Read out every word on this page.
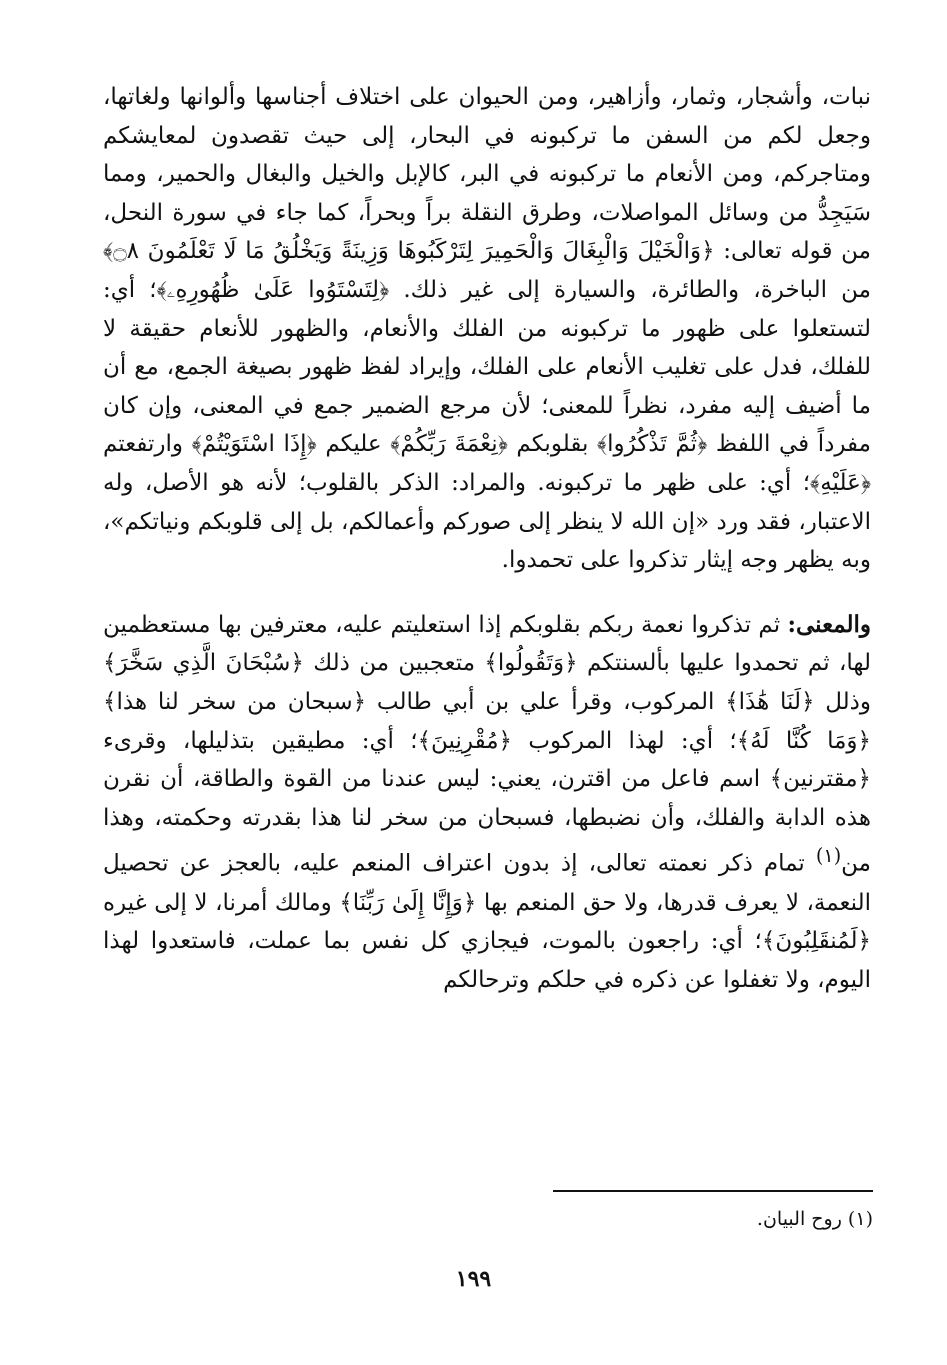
نبات، وأشجار، وثمار، وأزاهير، ومن الحيوان على اختلاف أجناسها وألوانها ولغاتها، وجعل لكم من السفن ما تركبونه في البحار، إلى حيث تقصدون لمعايشكم ومتاجركم، ومن الأنعام ما تركبونه في البر، كالإبل والخيل والبغال والحمير، ومما سَيَجِدُّ من وسائل المواصلات، وطرق النقلة براً وبحراً، كما جاء في سورة النحل، من قوله تعالى: ﴿وَالْخَيْلَ وَالْبِغَالَ وَالْحَمِيرَ لِتَرْكَبُوهَا وَزِينَةً وَيَخْلُقُ مَا لَا تَعْلَمُونَ ۝٨﴾ من الباخرة، والطائرة، والسيارة إلى غير ذلك. ﴿لِتَسْتَوُوا عَلَىٰ ظُهُورِهِۦ﴾؛ أي: لتستعلوا على ظهور ما تركبونه من الفلك والأنعام، والظهور للأنعام حقيقة لا للفلك، فدل على تغليب الأنعام على الفلك، وإيراد لفظ ظهور بصيغة الجمع، مع أن ما أضيف إليه مفرد، نظراً للمعنى؛ لأن مرجع الضمير جمع في المعنى، وإن كان مفرداً في اللفظ ﴿ثُمَّ تَذْكُرُوا﴾ بقلوبكم ﴿نِعْمَةَ رَبِّكُمْ﴾ عليكم ﴿إِذَا اسْتَوَيْتُمْ﴾ وارتفعتم ﴿عَلَيْهِ﴾؛ أي: على ظهر ما تركبونه. والمراد: الذكر بالقلوب؛ لأنه هو الأصل، وله الاعتبار، فقد ورد «إن الله لا ينظر إلى صوركم وأعمالكم، بل إلى قلوبكم ونياتكم»، وبه يظهر وجه إيثار تذكروا على تحمدوا.

والمعنى: ثم تذكروا نعمة ربكم بقلوبكم إذا استعليتم عليه، معترفين بها مستعظمين لها، ثم تحمدوا عليها بألسنتكم ﴿وَتَقُولُوا﴾ متعجبين من ذلك ﴿سُبْحَانَ الَّذِي سَخَّرَ﴾ وذلل ﴿لَنَا هَٰذَا﴾ المركوب، وقرأ علي بن أبي طالب ﴿سبحان من سخر لنا هذا﴾ ﴿وَمَا كُنَّا لَهُ﴾؛ أي: لهذا المركوب ﴿مُقْرِنِينَ﴾؛ أي: مطيقين بتذليلها، وقرىء ﴿مقترنين﴾ اسم فاعل من اقترن، يعني: ليس عندنا من القوة والطاقة، أن نقرن هذه الدابة والفلك، وأن نضبطها، فسبحان من سخر لنا هذا بقدرته وحكمته، وهذا من$^{(١)}$ تمام ذكر نعمته تعالى، إذ بدون اعتراف المنعم عليه، بالعجز عن تحصيل النعمة، لا يعرف قدرها، ولا حق المنعم بها ﴿وَإِنَّا إِلَىٰ رَبِّنَا﴾ ومالك أمرنا، لا إلى غيره ﴿لَمُنقَلِبُونَ﴾؛ أي: راجعون بالموت، فيجازي كل نفس بما عملت، فاستعدوا لهذا اليوم، ولا تغفلوا عن ذكره في حلكم وترحالكم

(١) روح البيان.
١٩٩
